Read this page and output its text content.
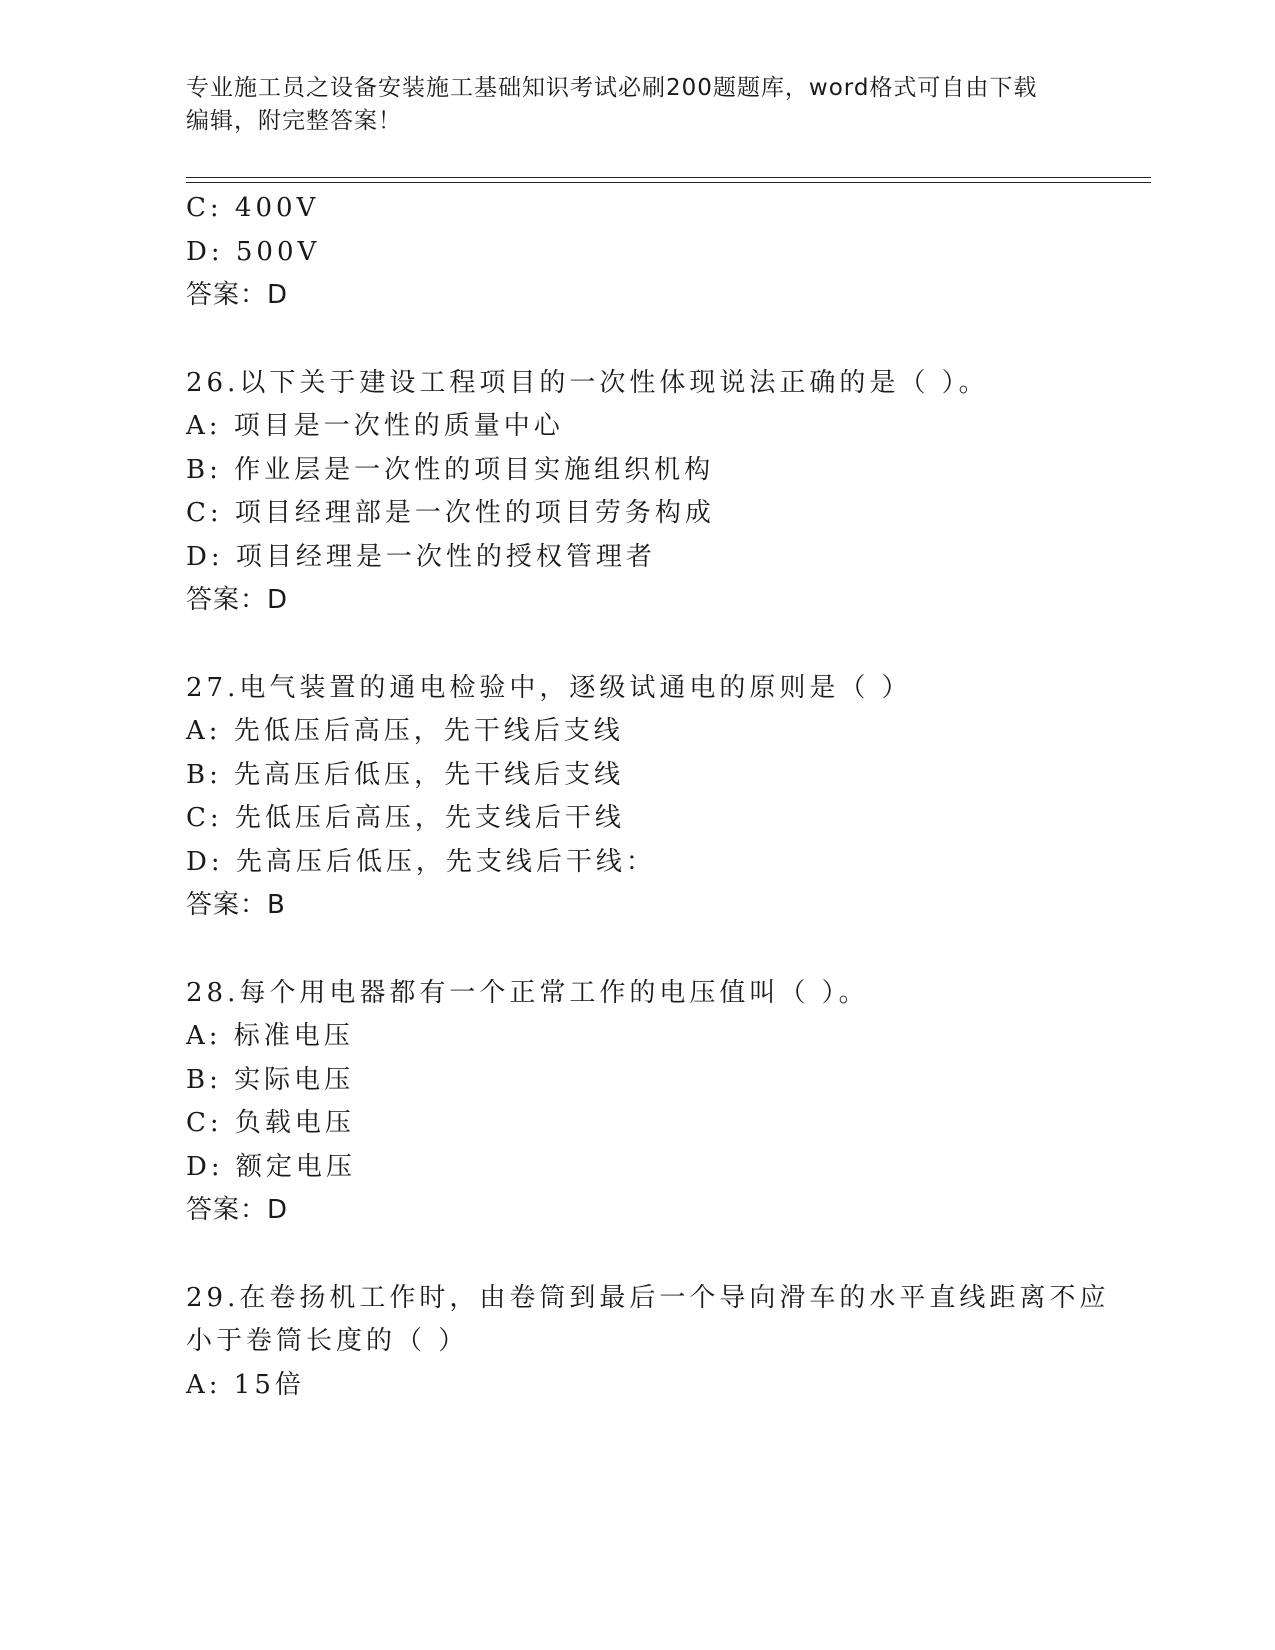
专业施工员之设备安装施工基础知识考试必刷200题题库，word格式可自由下载
编辑，附完整答案！
C: 400V
D: 500V
答案：D
26.以下关于建设工程项目的一次性体现说法正确的是（ ）。
A: 项目是一次性的质量中心
B: 作业层是一次性的项目实施组织机构
C: 项目经理部是一次性的项目劳务构成
D: 项目经理是一次性的授权管理者
答案：D
27.电气装置的通电检验中，逐级试通电的原则是（ ）
A: 先低压后高压，先干线后支线
B: 先高压后低压，先干线后支线
C: 先低压后高压，先支线后干线
D: 先高压后低压，先支线后干线：
答案：B
28.每个用电器都有一个正常工作的电压值叫（ ）。
A: 标准电压
B: 实际电压
C: 负载电压
D: 额定电压
答案：D
29.在卷扬机工作时，由卷筒到最后一个导向滑车的水平直线距离不应
小于卷筒长度的（ ）
A: 15倍
